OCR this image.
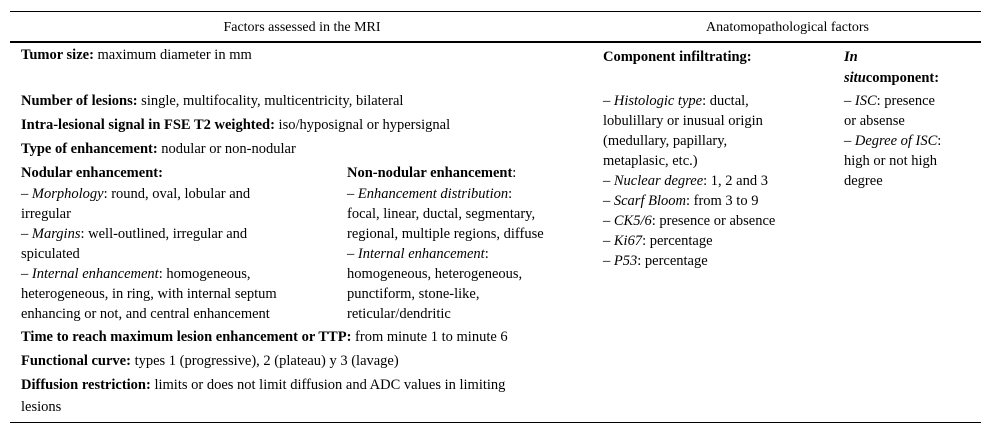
Factors assessed in the MRI	Anatomopathological factors
Tumor size: maximum diameter in mm
Number of lesions: single, multifocality, multicentricity, bilateral
Intra-lesional signal in FSE T2 weighted: iso/hyposignal or hypersignal
Type of enhancement: nodular or non-nodular
Nodular enhancement:
– Morphology: round, oval, lobular and
irregular
– Margins: well-outlined, irregular and
spiculated
– Internal enhancement: homogeneous,
heterogeneous, in ring, with internal septum
enhancing or not, and central enhancement
Non-nodular enhancement:
– Enhancement distribution:
focal, linear, ductal, segmentary,
regional, multiple regions, diffuse
– Internal enhancement:
homogeneous, heterogeneous,
punctiform, stone-like,
reticular/dendritic
Time to reach maximum lesion enhancement or TTP: from minute 1 to minute 6
Functional curve: types 1 (progressive), 2 (plateau) y 3 (lavage)
Diffusion restriction: limits or does not limit diffusion and ADC values in limiting
lesions
Component infiltrating:
– Histologic type: ductal,
lobulillary or inusual origin
(medullary, papillary,
metaplasic, etc.)
– Nuclear degree: 1, 2 and 3
– Scarf Bloom: from 3 to 9
– CK5/6: presence or absence
– Ki67: percentage
– P53: percentage
In
situcomponent:
– ISC: presence
or absense
– Degree of ISC:
high or not high
degree
